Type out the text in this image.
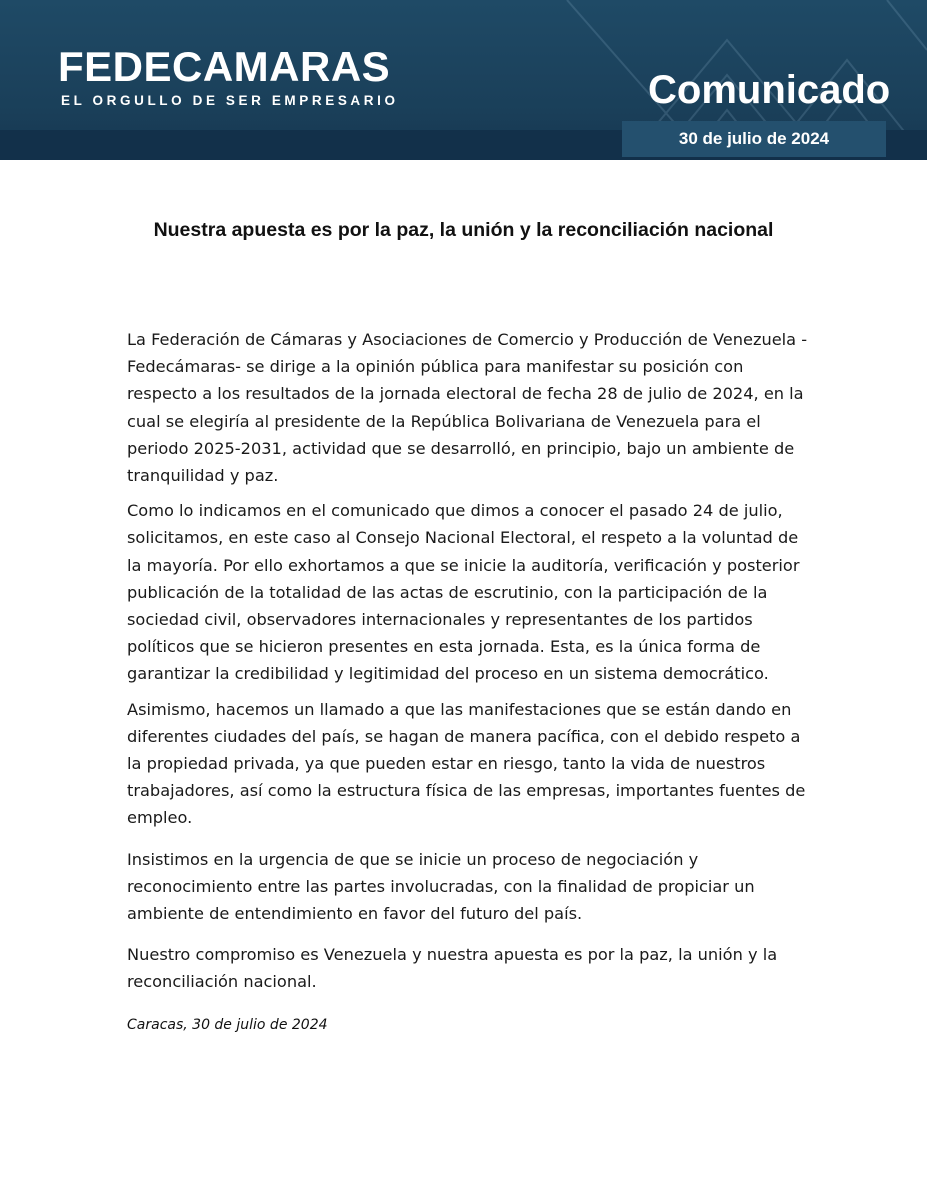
FEDECAMARAS
EL ORGULLO DE SER EMPRESARIO	Comunicado
30 de julio de 2024
Nuestra apuesta es por la paz, la unión y la reconciliación nacional

La Federación de Cámaras y Asociaciones de Comercio y Producción de Venezuela -Fedecámaras- se dirige a la opinión pública para manifestar su posición con respecto a los resultados de la jornada electoral de fecha 28 de julio de 2024, en la cual se elegiría al presidente de la República Bolivariana de Venezuela para el periodo 2025-2031, actividad que se desarrolló, en principio, bajo un ambiente de tranquilidad y paz.

Como lo indicamos en el comunicado que dimos a conocer el pasado 24 de julio, solicitamos, en este caso al Consejo Nacional Electoral, el respeto a la voluntad de la mayoría. Por ello exhortamos a que se inicie la auditoría, verificación y posterior publicación de la totalidad de las actas de escrutinio, con la participación de la sociedad civil, observadores internacionales y representantes de los partidos políticos que se hicieron presentes en esta jornada. Esta, es la única forma de garantizar la credibilidad y legitimidad del proceso en un sistema democrático.

Asimismo, hacemos un llamado a que las manifestaciones que se están dando en diferentes ciudades del país, se hagan de manera pacífica, con el debido respeto a la propiedad privada, ya que pueden estar en riesgo, tanto la vida de nuestros trabajadores, así como la estructura física de las empresas, importantes fuentes de empleo.

Insistimos en la urgencia de que se inicie un proceso de negociación y reconocimiento entre las partes involucradas, con la finalidad de propiciar un ambiente de entendimiento en favor del futuro del país.

Nuestro compromiso es Venezuela y nuestra apuesta es por la paz, la unión y la reconciliación nacional.

Caracas, 30 de julio de 2024
